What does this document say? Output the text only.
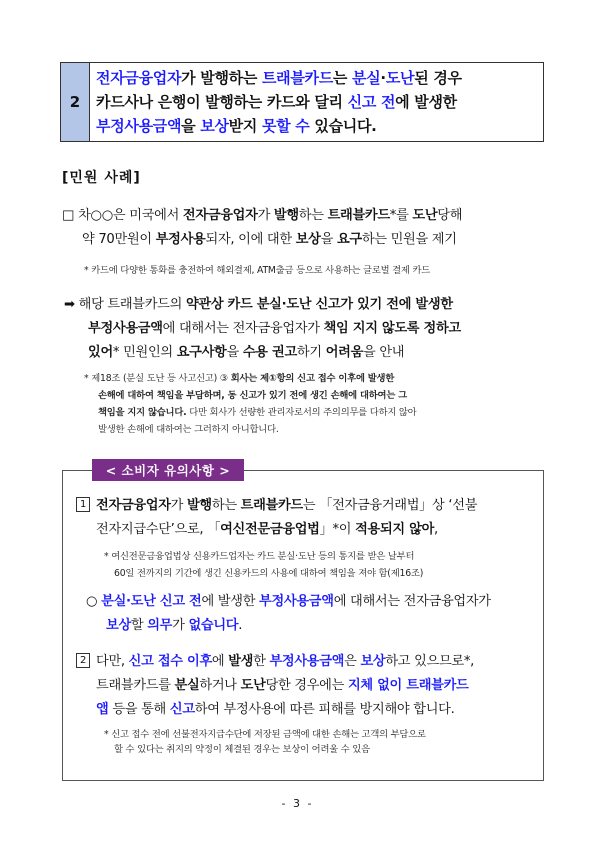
2
전자금융업자가 발행하는 트래블카드는 분실·도난된 경우
카드사나 은행이 발행하는 카드와 달리 신고 전에 발생한
부정사용금액을 보상받지 못할 수 있습니다.
[민원 사례]
□ 차○○은 미국에서 전자금융업자가 발행하는 트래블카드*를 도난당해
약 70만원이 부정사용되자, 이에 대한 보상을 요구하는 민원을 제기
* 카드에 다양한 통화를 충전하여 해외결제, ATM출금 등으로 사용하는 글로벌 결제 카드
➡ 해당 트래블카드의 약관상 카드 분실·도난 신고가 있기 전에 발생한
부정사용금액에 대해서는 전자금융업자가 책임 지지 않도록 정하고
있어* 민원인의 요구사항을 수용 권고하기 어려움을 안내
* 제18조 (분실 도난 등 사고신고) ③ 회사는 제①항의 신고 접수 이후에 발생한
손해에 대하여 책임을 부담하며, 동 신고가 있기 전에 생긴 손해에 대하여는 그
책임을 지지 않습니다. 다만 회사가 선량한 관리자로서의 주의의무를 다하지 않아
발생한 손해에 대하여는 그러하지 아니합니다.
< 소비자 유의사항 >
1 전자금융업자가 발행하는 트래블카드는 「전자금융거래법」상 ‘선불
전자지급수단’으로, 「여신전문금융업법」*이 적용되지 않아,
* 여신전문금융업법상 신용카드업자는 카드 분실·도난 등의 통지를 받은 날부터
60일 전까지의 기간에 생긴 신용카드의 사용에 대하여 책임을 져야 함(제16조)
○ 분실·도난 신고 전에 발생한 부정사용금액에 대해서는 전자금융업자가
보상할 의무가 없습니다.
2 다만, 신고 접수 이후에 발생한 부정사용금액은 보상하고 있으므로*,
트래블카드를 분실하거나 도난당한 경우에는 지체 없이 트래블카드
앱 등을 통해 신고하여 부정사용에 따른 피해를 방지해야 합니다.
* 신고 접수 전에 선불전자지급수단에 저장된 금액에 대한 손해는 고객의 부담으로
할 수 있다는 취지의 약정이 체결된 경우는 보상이 어려울 수 있음
- 3 -
